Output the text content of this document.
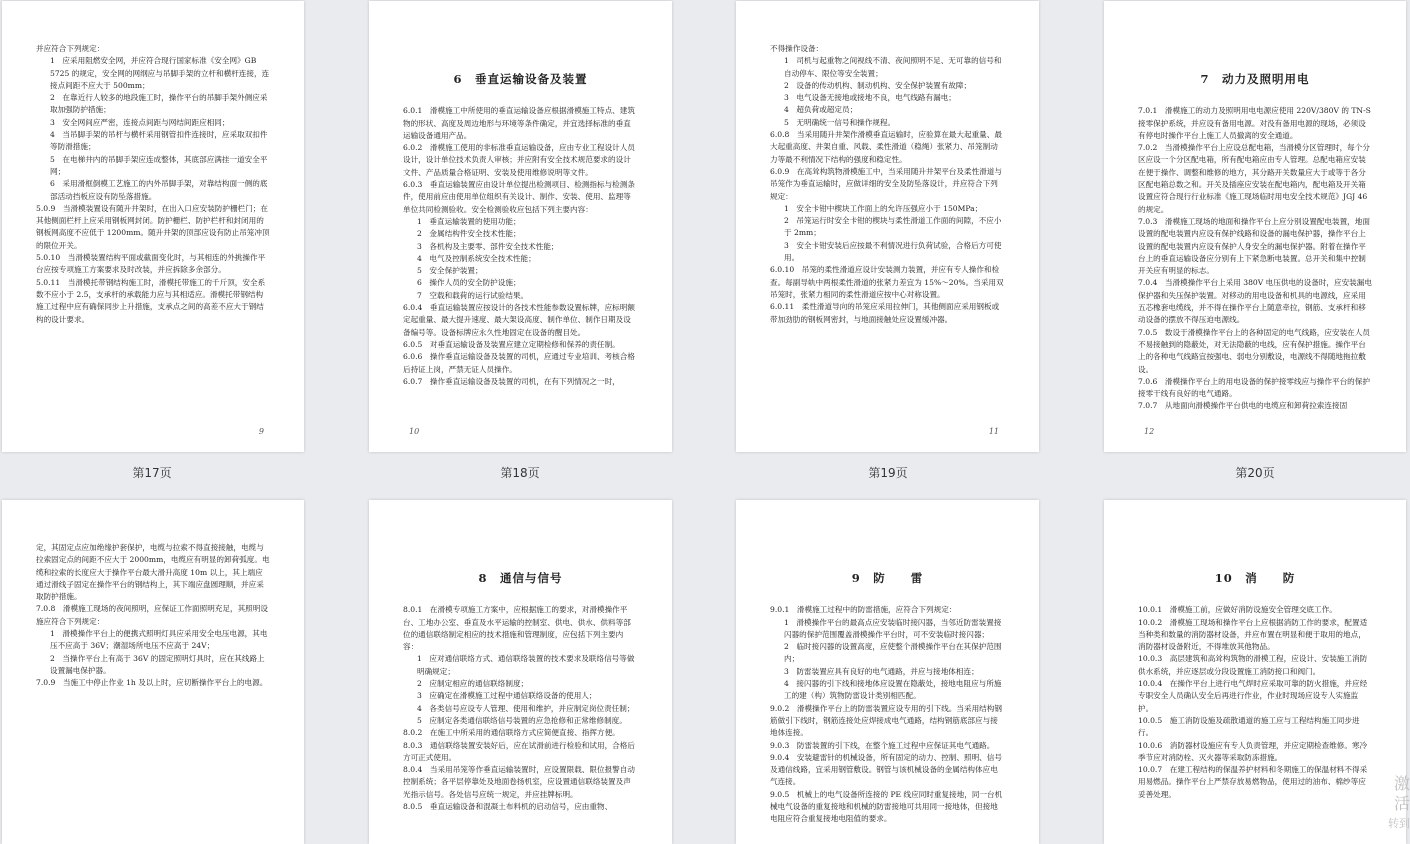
并应符合下列规定：

1　应采用阻燃安全网，并应符合现行国家标准《安全网》GB 5725 的规定，安全网的网纲应与吊脚手架的立杆和横杆连接，连接点间距不应大于 500mm；

2　在靠近行人较多的地段施工时，操作平台的吊脚手架外侧应采取加强防护措施；

3　安全网间应严密，连接点间距与网结间距应相同；

4　当吊脚手架的吊杆与横杆采用钢管扣件连接时，应采取双扣件等防滑措施；

5　在电梯井内的吊脚手架应连成整体，其底部应满挂一道安全平网；

6　采用滑框倒模工艺施工的内外吊脚手架，对靠结构面一侧的底部活动挡板应设有防坠落措施。

5.0.9　当滑模装置设有随升井架时，在出入口应安装防护栅栏门；在其他侧面栏杆上应采用钢板网封闭。防护栅栏、防护栏杆和封闭用的钢板网高度不应低于 1200mm。随升井架的顶部应设有防止吊笼冲顶的限位开关。

5.0.10　当滑模装置结构平面或截面变化时，与其相连的外挑操作平台应按专项施工方案要求及时改装，并应拆除多余部分。

5.0.11　当滑模托带钢结构施工时，滑模托带施工的千斤顶，安全系数不应小于 2.5，支承杆的承载能力应与其相适应。滑模托带钢结构施工过程中应有确保同步上升措施，支承点之间的高差不应大于钢结构的设计要求。

9
第17页
6　垂直运输设备及装置

6.0.1　滑模施工中所使用的垂直运输设备应根据滑模施工特点、建筑物的形状、高度及周边地形与环境等条件确定，并宜选择标准的垂直运输设备通用产品。

6.0.2　滑模施工使用的非标准垂直运输设备，应由专业工程设计人员设计，设计单位技术负责人审核；并应附有安全技术规范要求的设计文件、产品质量合格证明、安装及使用维修说明等文件。

6.0.3　垂直运输装置应由设计单位提出检测项目、检测指标与检测条件，使用前应由使用单位组织有关设计、制作、安装、使用、监理等单位共同检测验收。安全检测验收应包括下列主要内容：

1　垂直运输装置的使用功能；

2　金属结构件安全技术性能；

3　各机构及主要零、部件安全技术性能；

4　电气及控制系统安全技术性能；

5　安全保护装置；

6　操作人员的安全防护设施；

7　空载和载荷的运行试验结果。

6.0.4　垂直运输装置应按设计的各技术性能参数设置标牌，应标明额定起重量、最大提升速度、最大架设高度、制作单位、制作日期及设备编号等。设备标牌应永久性地固定在设备的醒目处。

6.0.5　对垂直运输设备及装置应建立定期检修和保养的责任制。

6.0.6　操作垂直运输设备及装置的司机，应通过专业培训、考核合格后持证上岗，严禁无证人员操作。

6.0.7　操作垂直运输设备及装置的司机，在有下列情况之一时，

10
第18页

不得操作设备：

1　司机与起重物之间视线不清、夜间照明不足、无可靠的信号和自动停车、限位等安全装置；

2　设备的传动机构、制动机构、安全保护装置有故障；

3　电气设备无接地或接地不良，电气线路有漏电；

4　超负荷或超定员；

5　无明确统一信号和操作规程。

6.0.8　当采用随升井架作滑模垂直运输时，应验算在最大起重量、最大起重高度、井架自重、风载、柔性滑道（稳绳）张紧力、吊笼制动力等最不利情况下结构的强度和稳定性。

6.0.9　在高耸构筑物滑模施工中，当采用随升井架平台及柔性滑道与吊笼作为垂直运输时，应做详细的安全及防坠落设计，并应符合下列规定：

1　安全卡钳中楔块工作面上的允许压强应小于 150MPa；

2　吊笼运行时安全卡钳的楔块与柔性滑道工作面的间隙，不应小于 2mm；

3　安全卡钳安装后应按最不利情况进行负荷试验，合格后方可使用。

6.0.10　吊笼的柔性滑道应设计安装测力装置，并应有专人操作和检查。每副导轨中两根柔性滑道的张紧力差宜为 15%～20%。当采用双吊笼时，张紧力相同的柔性滑道应按中心对称设置。

6.0.11　柔性滑道导向的吊笼应采用拉伸门，其他侧面应采用钢板或带加劲肋的钢板网密封，与地面接触处应设置缓冲器。

11
第19页
7　动力及照明用电

7.0.1　滑模施工的动力及照明用电电源应使用 220V/380V 的 TN-S 接零保护系统，并应设有备用电源。对没有备用电源的现场，必须设有停电时操作平台上施工人员撤离的安全通道。

7.0.2　当滑模操作平台上应设总配电箱，当滑模分区管理时，每个分区应设一个分区配电箱，所有配电箱应由专人管理。总配电箱应安装在便于操作、调整和维修的地方，其分路开关数量应大于或等于各分区配电箱总数之和。开关及插座应安装在配电箱内，配电箱及开关箱设置应符合现行行业标准《施工现场临时用电安全技术规范》JGJ 46 的规定。

7.0.3　滑模施工现场的地面和操作平台上应分别设置配电装置，地面设置的配电装置内应设有保护线路和设备的漏电保护器，操作平台上设置的配电装置内应设有保护人身安全的漏电保护器。附着在操作平台上的垂直运输设备应分别有上下紧急断电装置。总开关和集中控制开关应有明显的标志。

7.0.4　当滑模操作平台上采用 380V 电压供电的设备时，应安装漏电保护器和失压保护装置。对移动的用电设备和机具的电源线，应采用五芯橡套电缆线，并不得在操作平台上随意牵拉，钢筋、支承杆和移动设备的摆放不得压迫电源线。

7.0.5　数设于滑模操作平台上的各种固定的电气线路，应安装在人员不易接触到的隐蔽处，对无法隐蔽的电线，应有保护措施。操作平台上的各种电气线路宜按强电、弱电分别敷设，电源线不得随地拖拉敷设。

7.0.6　滑模操作平台上的用电设备的保护接零线应与操作平台的保护接零干线有良好的电气通路。

7.0.7　从地面向滑模操作平台供电的电缆应和卸荷拉索连接固

12
第20页

定，其固定点应加绝缘护套保护，电缆与拉索不得直接接触，电缆与拉索固定点的间距不应大于 2000mm，电缆应有明显的卸荷弧度。电缆和拉索的长度应大于操作平台最大滑升高度 10m 以上，其上端应通过滑线子固定在操作平台的钢结构上，其下端应盘圆理顺，并应采取防护措施。

7.0.8　滑模施工现场的夜间照明，应保证工作面照明充足，其照明设施应符合下列规定：

1　滑模操作平台上的便携式照明灯具应采用安全电压电源，其电压不应高于 36V；潮湿场所电压不应高于 24V；

2　当操作平台上有高于 36V 的固定照明灯具时，应在其线路上设置漏电保护器。

7.0.9　当施工中停止作业 1h 及以上时，应切断操作平台上的电源。

8　通信与信号

8.0.1　在滑模专项施工方案中，应根据施工的要求，对滑模操作平台、工地办公室、垂直及水平运输的控制室、供电、供水、供料等部位的通信联络制定相应的技术措施和管理制度，应包括下列主要内容：

1　应对通信联络方式、通信联络装置的技术要求及联络信号等做明确规定；

2　应制定相应的通信联络制度；

3　应确定在滑模施工过程中通信联络设备的使用人；

4　各类信号应设专人管理、使用和维护，并应制定岗位责任制；

5　应制定各类通信联络信号装置的应急抢修和正常维修制度。

8.0.2　在施工中所采用的通信联络方式应简便直接、指挥方便。

8.0.3　通信联络装置安装好后，应在试滑前进行检验和试用，合格后方可正式使用。

8.0.4　当采用吊笼等作垂直运输装置时，应设置限载、限位报警自动控制系统；各平层停靠处及地面卷扬机室，应设置通信联络装置及声光指示信号。各处信号应统一规定，并应挂牌标明。

8.0.5　垂直运输设备和混凝土布料机的启动信号，应由重物、

9　防　　雷

9.0.1　滑模施工过程中的防雷措施，应符合下列规定：

1　滑模操作平台的最高点应安装临时接闪器，当邻近防雷装置接闪器的保护范围覆盖滑模操作平台时，可不安装临时接闪器；

2　临时接闪器的设置高度，应使整个滑模操作平台在其保护范围内；

3　防雷装置应具有良好的电气通路，并应与接地体相连；

4　接闪器的引下线和接地体应设置在隐蔽处，接地电阻应与所施工的建（构）筑物防雷设计类别相匹配。

9.0.2　滑模操作平台上的防雷装置应设专用的引下线。当采用结构钢筋做引下线时，钢筋连接处应焊接成电气通路，结构钢筋底部应与接地体连接。

9.0.3　防雷装置的引下线，在整个施工过程中应保证其电气通路。

9.0.4　安装避雷针的机械设备，所有固定的动力、控制、照明、信号及通信线路，宜采用钢管敷设。钢管与该机械设备的金属结构体应电气连接。

9.0.5　机械上的电气设备所连接的 PE 线应同时重复接地，同一台机械电气设备的重复接地和机械的防雷接地可共用同一接地体，但接地电阻应符合重复接地电阻值的要求。

10　消　　防

10.0.1　滑模施工前，应做好消防设施安全管理交底工作。

10.0.2　滑模施工现场和操作平台上应根据消防工作的要求，配置适当种类和数量的消防器材设备，并应布置在明显和便于取用的地点，消防器材设备附近，不得堆放其他物品。

10.0.3　高层建筑和高耸构筑物的滑模工程，应设计、安装施工消防供水系统，并应逐层或分段设置施工消防接口和阀门。

10.0.4　在操作平台上进行电气焊时应采取可靠的防火措施，并应经专职安全人员确认安全后再进行作业，作业时现场应设专人实施监护。

10.0.5　施工消防设施及疏散通道的施工应与工程结构施工同步进行。

10.0.6　消防器材设施应有专人负责管理，并应定期检查维修。寒冷季节应对消防栓、灭火器等采取防冻措施。

10.0.7　在建工程结构的保温养护材料和冬期施工的保温材料不得采用易燃品。操作平台上严禁存放易燃物品，使用过的油布、棉纱等应妥善处理。

激活
转到
